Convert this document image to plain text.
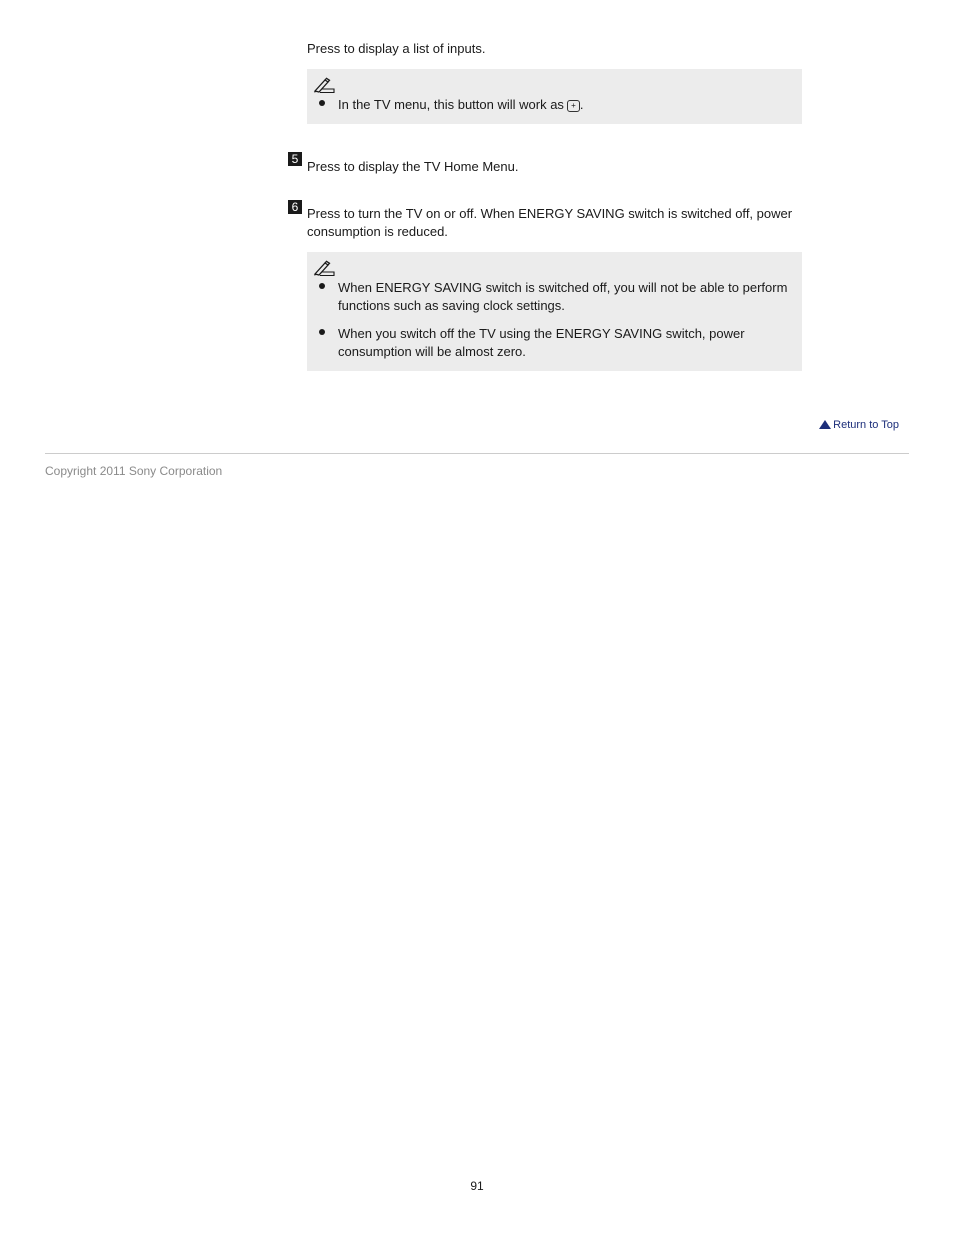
Press to display a list of inputs.

In the TV menu, this button will work as+ .

Press to display the TV Home Menu.

Press to turn the TV on or off. When ENERGY SAVING switch is switched off, power consumption is reduced.

When ENERGY SAVING switch is switched off, you will not be able to perform functions such as saving clock settings.
When you switch off the TV using the ENERGY SAVING switch, power consumption will be almost zero.
5
6
Return to Top
Copyright 2011 Sony Corporation
91
